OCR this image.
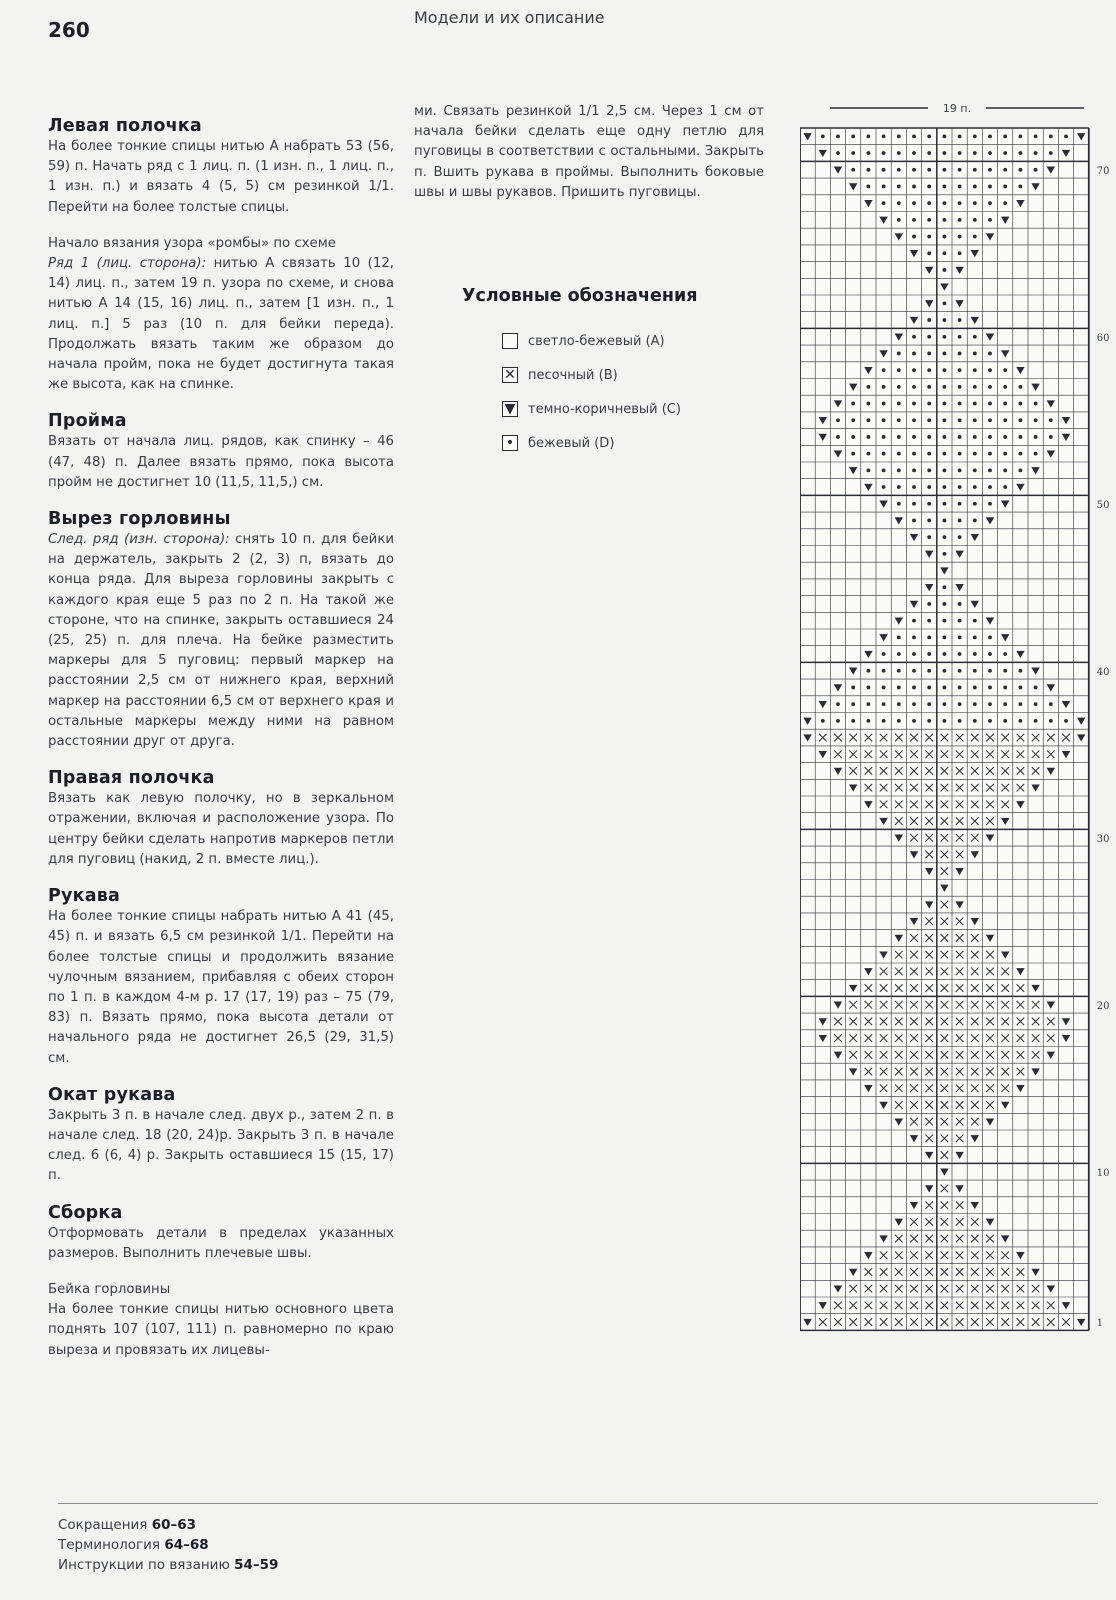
260
Модели и их описание
Левая полочка

На более тонкие спицы нитью А набрать 53 (56, 59) п. Начать ряд с 1 лиц. п. (1 изн. п., 1 лиц. п., 1 изн. п.) и вязать 4 (5, 5) см резинкой 1/1. Перейти на более толстые спицы.

Начало вязания узора «ромбы» по схеме

Ряд 1 (лиц. сторона): нитью А связать 10 (12, 14) лиц. п., затем 19 п. узора по схеме, и снова нитью А 14 (15, 16) лиц. п., затем [1 изн. п., 1 лиц. п.] 5 раз (10 п. для бейки переда). Продолжать вязать таким же образом до начала пройм, пока не будет достигнута такая же высота, как на спинке.

Пройма

Вязать от начала лиц. рядов, как спинку – 46 (47, 48) п. Далее вязать прямо, пока высота пройм не достигнет 10 (11,5, 11,5,) см.

Вырез горловины

След. ряд (изн. сторона): снять 10 п. для бейки на держатель, закрыть 2 (2, 3) п, вязать до конца ряда. Для выреза горловины закрыть с каждого края еще 5 раз по 2 п. На такой же стороне, что на спинке, закрыть оставшиеся 24 (25, 25) п. для плеча. На бейке разместить маркеры для 5 пуговиц: первый маркер на расстоянии 2,5 см от нижнего края, верхний маркер на расстоянии 6,5 см от верхнего края и остальные маркеры между ними на равном расстоянии друг от друга.

Правая полочка

Вязать как левую полочку, но в зеркальном отражении, включая и расположение узора. По центру бейки сделать напротив маркеров петли для пуговиц (накид, 2 п. вместе лиц.).

Рукава

На более тонкие спицы набрать нитью А 41 (45, 45) п. и вязать 6,5 см резинкой 1/1. Перейти на более толстые спицы и продолжить вязание чулочным вязанием, прибавляя с обеих сторон по 1 п. в каждом 4-м р. 17 (17, 19) раз – 75 (79, 83) п. Вязать прямо, пока высота детали от начального ряда не достигнет 26,5 (29, 31,5) см.

Окат рукава

Закрыть 3 п. в начале след. двух р., затем 2 п. в начале след. 18 (20, 24)р. Закрыть 3 п. в начале след. 6 (6, 4) р. Закрыть оставшиеся 15 (15, 17) п.

Сборка

Отформовать детали в пределах указанных размеров. Выполнить плечевые швы.

Бейка горловины
На более тонкие спицы нитью основного цвета поднять 107 (107, 111) п. равномерно по краю выреза и провязать их лицевы-

ми. Связать резинкой 1/1 2,5 см. Через 1 см от начала бейки сделать еще одну петлю для пуговицы в соответствии с остальными. Закрыть п. Вшить рукава в проймы. Выполнить боковые швы и швы рукавов. Пришить пуговицы.

Условные обозначения
светло-бежевый (A)
✕ песочный (B)
▼ темно-коричневый (C)
• бежевый (D)
19 п.
70
60
50
40
30
20
10
1
Сокращения 60–63
Терминология 64–68
Инструкции по вязанию 54–59
